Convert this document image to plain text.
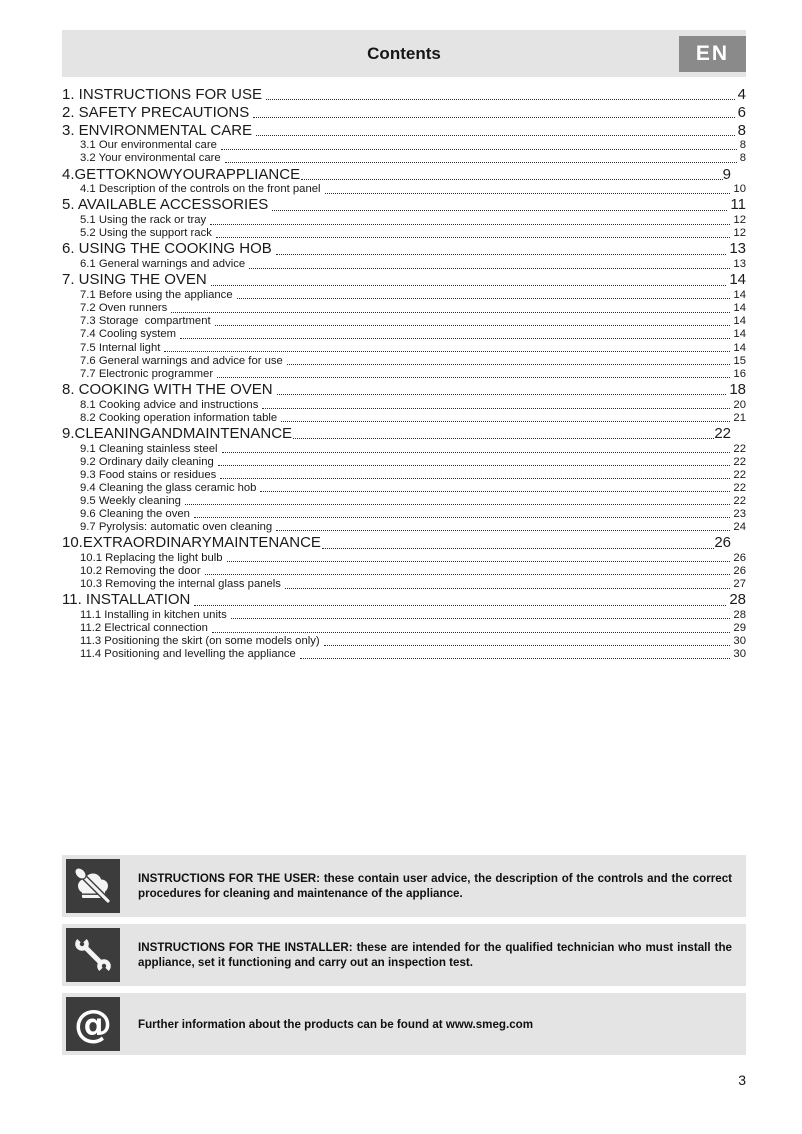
Contents	EN
1. INSTRUCTIONS FOR USE	4
2. SAFETY PRECAUTIONS	6
3. ENVIRONMENTAL CARE	8
3.1 Our environmental care	8
3.2 Your environmental care	8
4.GETTOKNOWYOURAPPLIANCE	9
4.1 Description of the controls on the front panel	10
5. AVAILABLE ACCESSORIES	11
5.1 Using the rack or tray	12
5.2 Using the support rack	12
6. USING THE COOKING HOB	13
6.1 General warnings and advice	13
7. USING THE OVEN	14
7.1 Before using the appliance	14
7.2 Oven runners	14
7.3 Storage  compartment	14
7.4 Cooling system	14
7.5 Internal light	14
7.6 General warnings and advice for use	15
7.7 Electronic programmer	16
8. COOKING WITH THE OVEN	18
8.1 Cooking advice and instructions	20
8.2 Cooking operation information table	21
9.CLEANINGANDMAINTENANCE	22
9.1 Cleaning stainless steel	22
9.2 Ordinary daily cleaning	22
9.3 Food stains or residues	22
9.4 Cleaning the glass ceramic hob	22
9.5 Weekly cleaning	22
9.6 Cleaning the oven	23
9.7 Pyrolysis: automatic oven cleaning	24
10.EXTRAORDINARYMAINTENANCE	26
10.1 Replacing the light bulb	26
10.2 Removing the door	26
10.3 Removing the internal glass panels	27
11. INSTALLATION	28
11.1 Installing in kitchen units	28
11.2 Electrical connection	29
11.3 Positioning the skirt (on some models only)	30
11.4 Positioning and levelling the appliance	30

INSTRUCTIONS FOR THE USER: these contain user advice, the description of the controls and the correct procedures for cleaning and maintenance of the appliance.

INSTRUCTIONS FOR THE INSTALLER: these are intended for the qualified technician who must install the appliance, set it functioning and carry out an inspection test.

@ Further information about the products can be found at www.smeg.com

3
